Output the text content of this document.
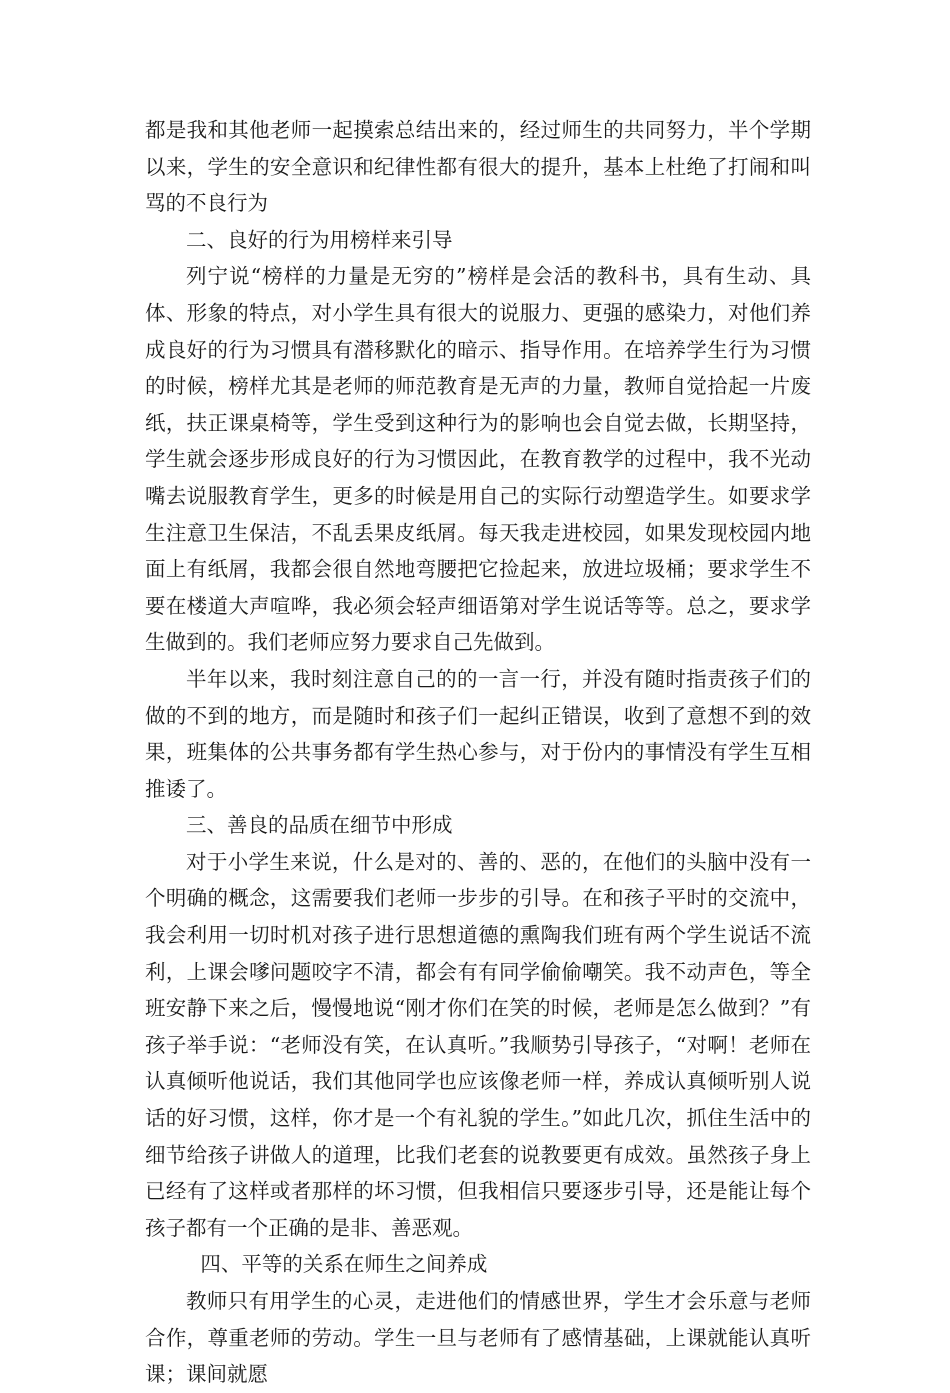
都是我和其他老师一起摸索总结出来的，经过师生的共同努力，半个学期以来，学生的安全意识和纪律性都有很大的提升，基本上杜绝了打闹和叫骂的不良行为

二、良好的行为用榜样来引导

列宁说“榜样的力量是无穷的”榜样是会活的教科书，具有生动、具体、形象的特点，对小学生具有很大的说服力、更强的感染力，对他们养成良好的行为习惯具有潜移默化的暗示、指导作用。在培养学生行为习惯的时候，榜样尤其是老师的师范教育是无声的力量，教师自觉拾起一片废纸，扶正课桌椅等，学生受到这种行为的影响也会自觉去做，长期坚持，学生就会逐步形成良好的行为习惯因此，在教育教学的过程中，我不光动嘴去说服教育学生，更多的时候是用自己的实际行动塑造学生。如要求学生注意卫生保洁，不乱丢果皮纸屑。每天我走进校园，如果发现校园内地面上有纸屑，我都会很自然地弯腰把它捡起来，放进垃圾桶；要求学生不要在楼道大声喧哗，我必须会轻声细语第对学生说话等等。总之，要求学生做到的。我们老师应努力要求自己先做到。

半年以来，我时刻注意自己的的一言一行，并没有随时指责孩子们的做的不到的地方，而是随时和孩子们一起纠正错误，收到了意想不到的效果，班集体的公共事务都有学生热心参与，对于份内的事情没有学生互相推诿了。

三、善良的品质在细节中形成

对于小学生来说，什么是对的、善的、恶的，在他们的头脑中没有一个明确的概念，这需要我们老师一步步的引导。在和孩子平时的交流中，我会利用一切时机对孩子进行思想道德的熏陶我们班有两个学生说话不流利，上课会嗲问题咬字不清，都会有有同学偷偷嘲笑。我不动声色，等全班安静下来之后，慢慢地说“刚才你们在笑的时候，老师是怎么做到？”有孩子举手说：“老师没有笑，在认真听。”我顺势引导孩子，“对啊！老师在认真倾听他说话，我们其他同学也应该像老师一样，养成认真倾听别人说话的好习惯，这样，你才是一个有礼貌的学生。”如此几次，抓住生活中的细节给孩子讲做人的道理，比我们老套的说教要更有成效。虽然孩子身上已经有了这样或者那样的坏习惯，但我相信只要逐步引导，还是能让每个孩子都有一个正确的是非、善恶观。

四、平等的关系在师生之间养成

教师只有用学生的心灵，走进他们的情感世界，学生才会乐意与老师合作，尊重老师的劳动。学生一旦与老师有了感情基础，上课就能认真听课；课间就愿
